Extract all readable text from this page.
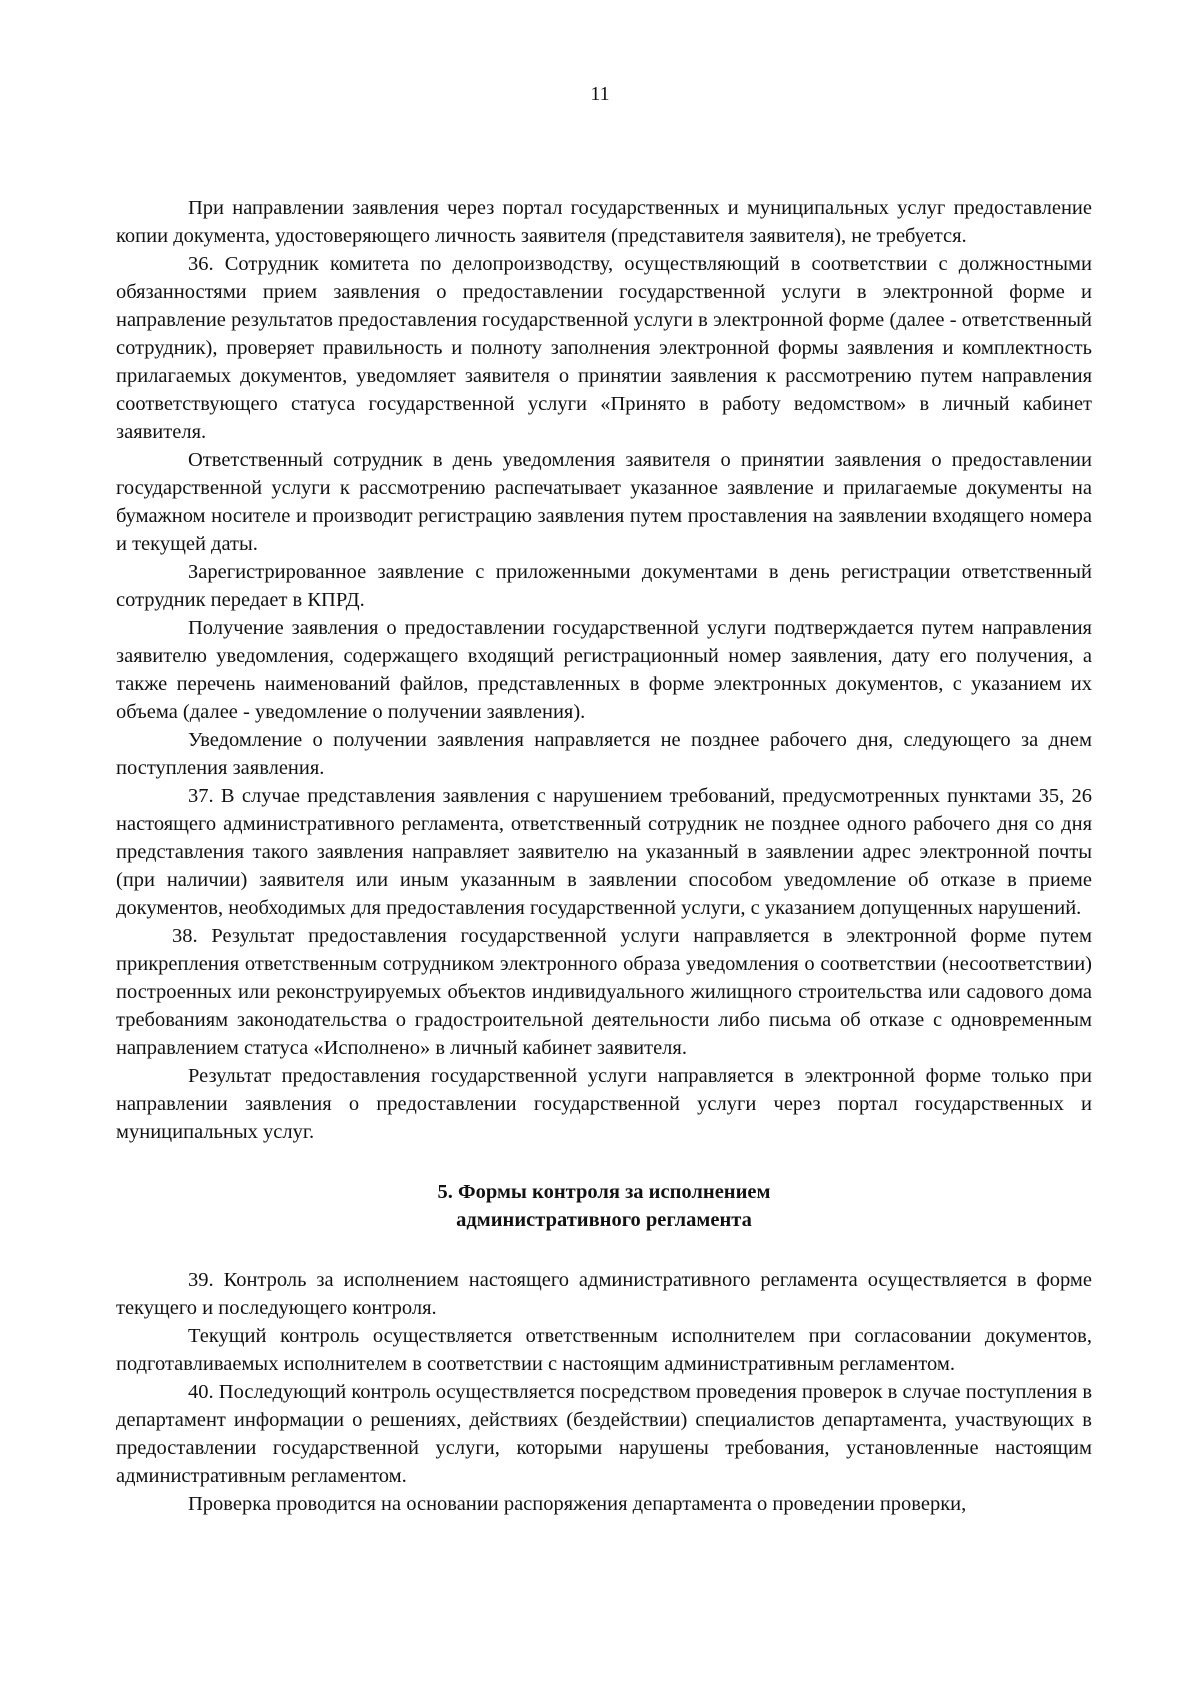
11

При направлении заявления через портал государственных и муниципальных услуг предоставление копии документа, удостоверяющего личность заявителя (представителя заявителя), не требуется.

36. Сотрудник комитета по делопроизводству, осуществляющий в соответствии с должностными обязанностями прием заявления о предоставлении государственной услуги в электронной форме и направление результатов предоставления государственной услуги в электронной форме (далее - ответственный сотрудник), проверяет правильность и полноту заполнения электронной формы заявления и комплектность прилагаемых документов, уведомляет заявителя о принятии заявления к рассмотрению путем направления соответствующего статуса государственной услуги «Принято в работу ведомством» в личный кабинет заявителя.

Ответственный сотрудник в день уведомления заявителя о принятии заявления о предоставлении государственной услуги к рассмотрению распечатывает указанное заявление и прилагаемые документы на бумажном носителе и производит регистрацию заявления путем проставления на заявлении входящего номера и текущей даты.

Зарегистрированное заявление с приложенными документами в день регистрации ответственный сотрудник передает в КПРД.

Получение заявления о предоставлении государственной услуги подтверждается путем направления заявителю уведомления, содержащего входящий регистрационный номер заявления, дату его получения, а также перечень наименований файлов, представленных в форме электронных документов, с указанием их объема (далее - уведомление о получении заявления).

Уведомление о получении заявления направляется не позднее рабочего дня, следующего за днем поступления заявления.

37. В случае представления заявления с нарушением требований, предусмотренных пунктами 35, 26 настоящего административного регламента, ответственный сотрудник не позднее одного рабочего дня со дня представления такого заявления направляет заявителю на указанный в заявлении адрес электронной почты (при наличии) заявителя или иным указанным в заявлении способом уведомление об отказе в приеме документов, необходимых для предоставления государственной услуги, с указанием допущенных нарушений.

38. Результат предоставления государственной услуги направляется в электронной форме путем прикрепления ответственным сотрудником электронного образа уведомления о соответствии (несоответствии) построенных или реконструируемых объектов индивидуального жилищного строительства или садового дома требованиям законодательства о градостроительной деятельности либо письма об отказе с одновременным направлением статуса «Исполнено» в личный кабинет заявителя.

Результат предоставления государственной услуги направляется в электронной форме только при направлении заявления о предоставлении государственной услуги через портал государственных и муниципальных услуг.

5. Формы контроля за исполнением
административного регламента

39. Контроль за исполнением настоящего административного регламента осуществляется в форме текущего и последующего контроля.

Текущий контроль осуществляется ответственным исполнителем при согласовании документов, подготавливаемых исполнителем в соответствии с настоящим административным регламентом.

40. Последующий контроль осуществляется посредством проведения проверок в случае поступления в департамент информации о решениях, действиях (бездействии) специалистов департамента, участвующих в предоставлении государственной услуги, которыми нарушены требования, установленные настоящим административным регламентом.

Проверка проводится на основании распоряжения департамента о проведении проверки,
